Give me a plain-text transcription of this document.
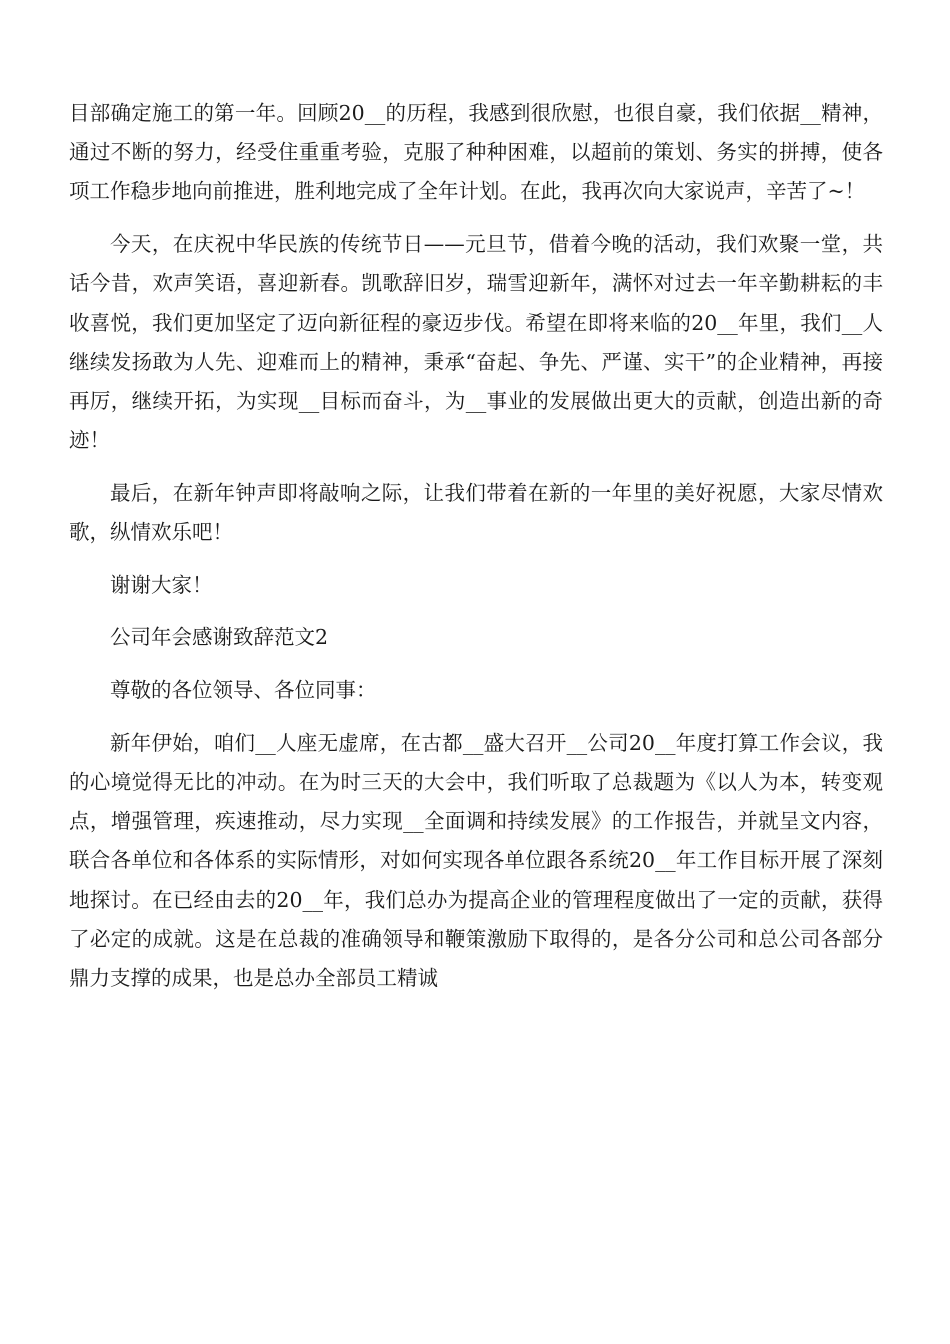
目部确定施工的第一年。回顾20__的历程，我感到很欣慰，也很自豪，我们依据__精神，通过不断的努力，经受住重重考验，克服了种种困难，以超前的策划、务实的拼搏，使各项工作稳步地向前推进，胜利地完成了全年计划。在此，我再次向大家说声，辛苦了~！

今天，在庆祝中华民族的传统节日——元旦节，借着今晚的活动，我们欢聚一堂，共话今昔，欢声笑语，喜迎新春。凯歌辞旧岁，瑞雪迎新年，满怀对过去一年辛勤耕耘的丰收喜悦，我们更加坚定了迈向新征程的豪迈步伐。希望在即将来临的20__年里，我们__人继续发扬敢为人先、迎难而上的精神，秉承“奋起、争先、严谨、实干”的企业精神，再接再厉，继续开拓，为实现__目标而奋斗，为__事业的发展做出更大的贡献，创造出新的奇迹！

最后，在新年钟声即将敲响之际，让我们带着在新的一年里的美好祝愿，大家尽情欢歌，纵情欢乐吧！

谢谢大家！

公司年会感谢致辞范文2

尊敬的各位领导、各位同事：

新年伊始，咱们__人座无虚席，在古都__盛大召开__公司20__年度打算工作会议，我的心境觉得无比的冲动。在为时三天的大会中，我们听取了总裁题为《以人为本，转变观点，增强管理，疾速推动，尽力实现__全面调和持续发展》的工作报告，并就呈文内容，联合各单位和各体系的实际情形，对如何实现各单位跟各系统20__年工作目标开展了深刻地探讨。在已经由去的20__年，我们总办为提高企业的管理程度做出了一定的贡献，获得了必定的成就。这是在总裁的准确领导和鞭策激励下取得的，是各分公司和总公司各部分鼎力支撑的成果，也是总办全部员工精诚
